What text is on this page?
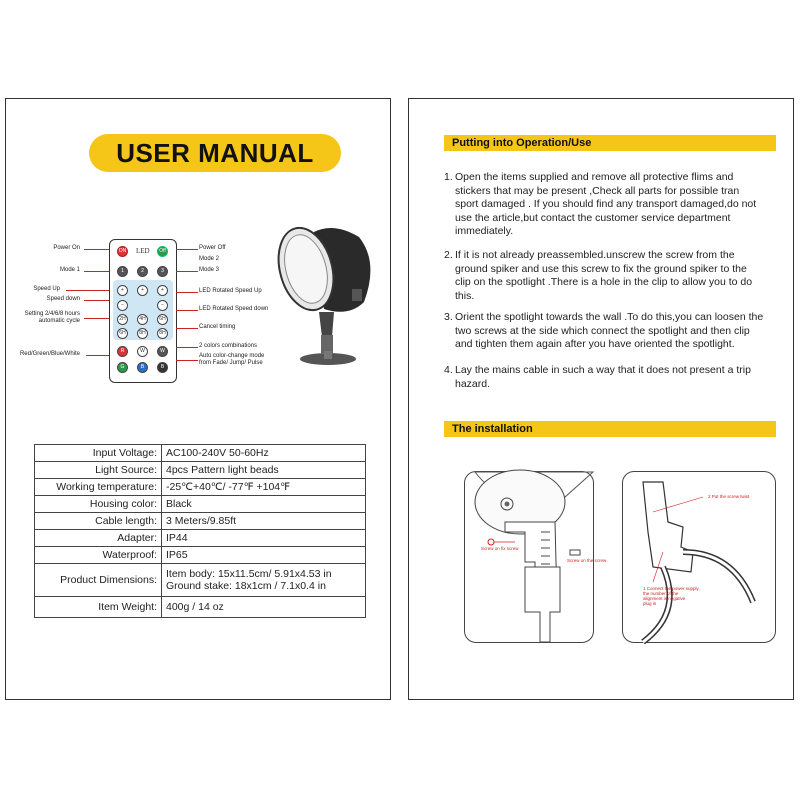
USER MANUAL
LED
ON	Off
1	2	3
+	+	+
−	−
2H	4H	6H
6H	8H	8H
R	W	W
G	B	B
Power On
Mode 1
Speed Up
Speed down
Setting 2/4/6/8 hours
automatic cycle
Red/Green/Blue/White
Power Off
Mode 2
Mode 3
LED Rotated Speed Up
LED Rotated Speed down
Cancel timing
2 colors combinations
Auto color-change mode
from Fade/ Jump/ Pulse
Input Voltage:	AC100-240V 50-60Hz
Light Source:	4pcs Pattern light beads
Working temperature:	-25℃+40℃/ -77℉ +104℉
Housing color:	Black
Cable length:	3 Meters/9.85ft
Adapter:	IP44
Waterproof:	IP65
Product Dimensions:	Item body: 15x11.5cm/ 5.91x4.53 in
Ground stake: 18x1cm / 7.1x0.4 in
Item Weight:	400g / 14 oz
Putting into Operation/Use
1. Open the items supplied and remove all protective flims and stickers that may be present ,Check all parts for possible tran sport damaged . If you should find any transport damaged,do not use the article,but contact the customer service department immediately.
2. If it is not already preassembled.unscrew the screw from the ground spiker and use this screw to fix the ground spiker to the clip on the spotlight .There is a hole in the clip to allow you to do this.
3. Orient the spotlight towards the wall .To do this,you can loosen the two screws at the side which connect the spotlight and then clip and tighten them again after you have oriented the spotlight.
4. Lay the mains cable in such a way that it does not present a trip hazard.
The installation
Screw on fix screw
Screw on the screw
2 Put the screw twist
1 Connect the power supply,
the number of the
alignment is negative
plug in
